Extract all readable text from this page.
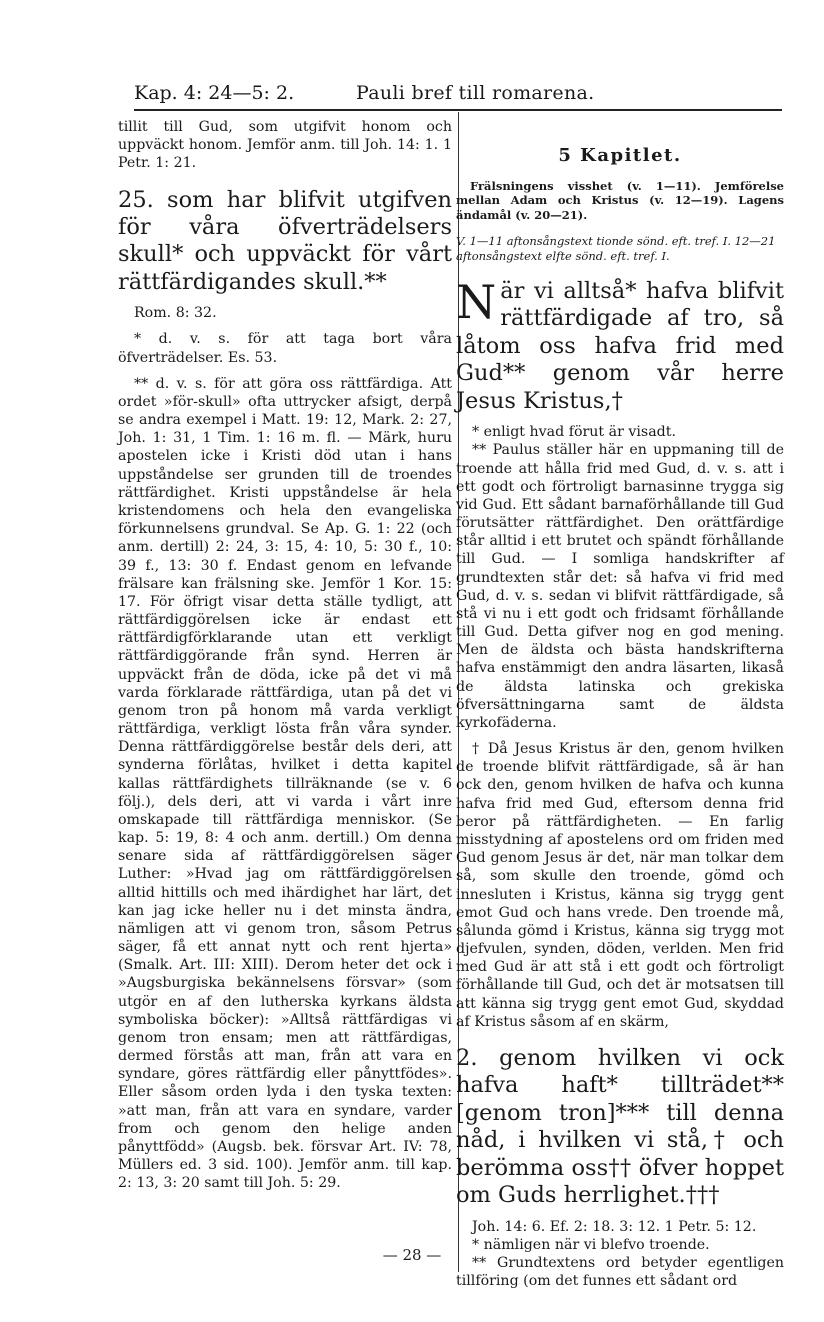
Kap. 4: 24—5: 2.	Pauli bref till romarena.

tillit till Gud, som utgifvit honom och uppväckt honom. Jemför anm. till Joh. 14: 1. 1 Petr. 1: 21.

25. som har blifvit utgifven för våra öfverträdelsers skull* och uppväckt för vårt rättfärdigandes skull.**

Rom. 8: 32.

* d. v. s. för att taga bort våra öfverträdelser. Es. 53.

** d. v. s. för att göra oss rättfärdiga. Att ordet »för-skull» ofta uttrycker afsigt, derpå se andra exempel i Matt. 19: 12, Mark. 2: 27, Joh. 1: 31, 1 Tim. 1: 16 m. fl. — Märk, huru apostelen icke i Kristi död utan i hans uppståndelse ser grunden till de troendes rättfärdighet. Kristi uppståndelse är hela kristendomens och hela den evangeliska förkunnelsens grundval. Se Ap. G. 1: 22 (och anm. dertill) 2: 24, 3: 15, 4: 10, 5: 30 f., 10: 39 f., 13: 30 f. Endast genom en lefvande frälsare kan frälsning ske. Jemför 1 Kor. 15: 17. För öfrigt visar detta ställe tydligt, att rättfärdiggörelsen icke är endast ett rättfärdigförklarande utan ett verkligt rättfärdiggörande från synd. Herren är uppväckt från de döda, icke på det vi må varda förklarade rättfärdiga, utan på det vi genom tron på honom må varda verkligt rättfärdiga, verkligt lösta från våra synder. Denna rättfärdiggörelse består dels deri, att synderna förlåtas, hvilket i detta kapitel kallas rättfärdighets tillräknande (se v. 6 följ.), dels deri, att vi varda i vårt inre omskapade till rättfärdiga menniskor. (Se kap. 5: 19, 8: 4 och anm. dertill.) Om denna senare sida af rättfärdiggörelsen säger Luther: »Hvad jag om rättfärdiggörelsen alltid hittills och med ihärdighet har lärt, det kan jag icke heller nu i det minsta ändra, nämligen att vi genom tron, såsom Petrus säger, få ett annat nytt och rent hjerta» (Smalk. Art. III: XIII). Derom heter det ock i »Augsburgiska bekännelsens försvar» (som utgör en af den lutherska kyrkans äldsta symboliska böcker): »Alltså rättfärdigas vi genom tron ensam; men att rättfärdigas, dermed förstås att man, från att vara en syndare, göres rättfärdig eller pånyttfödes». Eller såsom orden lyda i den tyska texten: »att man, från att vara en syndare, varder from och genom den helige anden pånyttfödd» (Augsb. bek. försvar Art. IV: 78, Müllers ed. 3 sid. 100). Jemför anm. till kap. 2: 13, 3: 20 samt till Joh. 5: 29.

5 Kapitlet.

Frälsningens visshet (v. 1—11). Jemförelse mellan Adam och Kristus (v. 12—19). Lagens ändamål (v. 20—21).

V. 1—11 aftonsångstext tionde sönd. eft. tref. I. 12—21 aftonsångstext elfte sönd. eft. tref. I.

När vi alltså* hafva blifvit rättfärdigade af tro, så låtom oss hafva frid med Gud** genom vår herre Jesus Kristus,†

* enligt hvad förut är visadt.

** Paulus ställer här en uppmaning till de troende att hålla frid med Gud, d. v. s. att i ett godt och förtroligt barnasinne trygga sig vid Gud. Ett sådant barnaförhållande till Gud förutsätter rättfärdighet. Den orättfärdige står alltid i ett brutet och spändt förhållande till Gud. — I somliga handskrifter af grundtexten står det: så hafva vi frid med Gud, d. v. s. sedan vi blifvit rättfärdigade, så stå vi nu i ett godt och fridsamt förhållande till Gud. Detta gifver nog en god mening. Men de äldsta och bästa handskrifterna hafva enstämmigt den andra läsarten, likaså de äldsta latinska och grekiska öfversättningarna samt de äldsta kyrkofäderna.

† Då Jesus Kristus är den, genom hvilken de troende blifvit rättfärdigade, så är han ock den, genom hvilken de hafva och kunna hafva frid med Gud, eftersom denna frid beror på rättfärdigheten. — En farlig misstydning af apostelens ord om friden med Gud genom Jesus är det, när man tolkar dem så, som skulle den troende, gömd och innesluten i Kristus, känna sig trygg gent emot Gud och hans vrede. Den troende må, sålunda gömd i Kristus, känna sig trygg mot djefvulen, synden, döden, verlden. Men frid med Gud är att stå i ett godt och förtroligt förhållande till Gud, och det är motsatsen till att känna sig trygg gent emot Gud, skyddad af Kristus såsom af en skärm,

2. genom hvilken vi ock hafva haft* tillträdet** [genom tron]*** till denna nåd, i hvilken vi stå,† och berömma oss†† öfver hoppet om Guds herrlighet.†††

Joh. 14: 6. Ef. 2: 18. 3: 12. 1 Petr. 5: 12.

* nämligen när vi blefvo troende.

** Grundtextens ord betyder egentligen tillföring (om det funnes ett sådant ord

— 28 —
